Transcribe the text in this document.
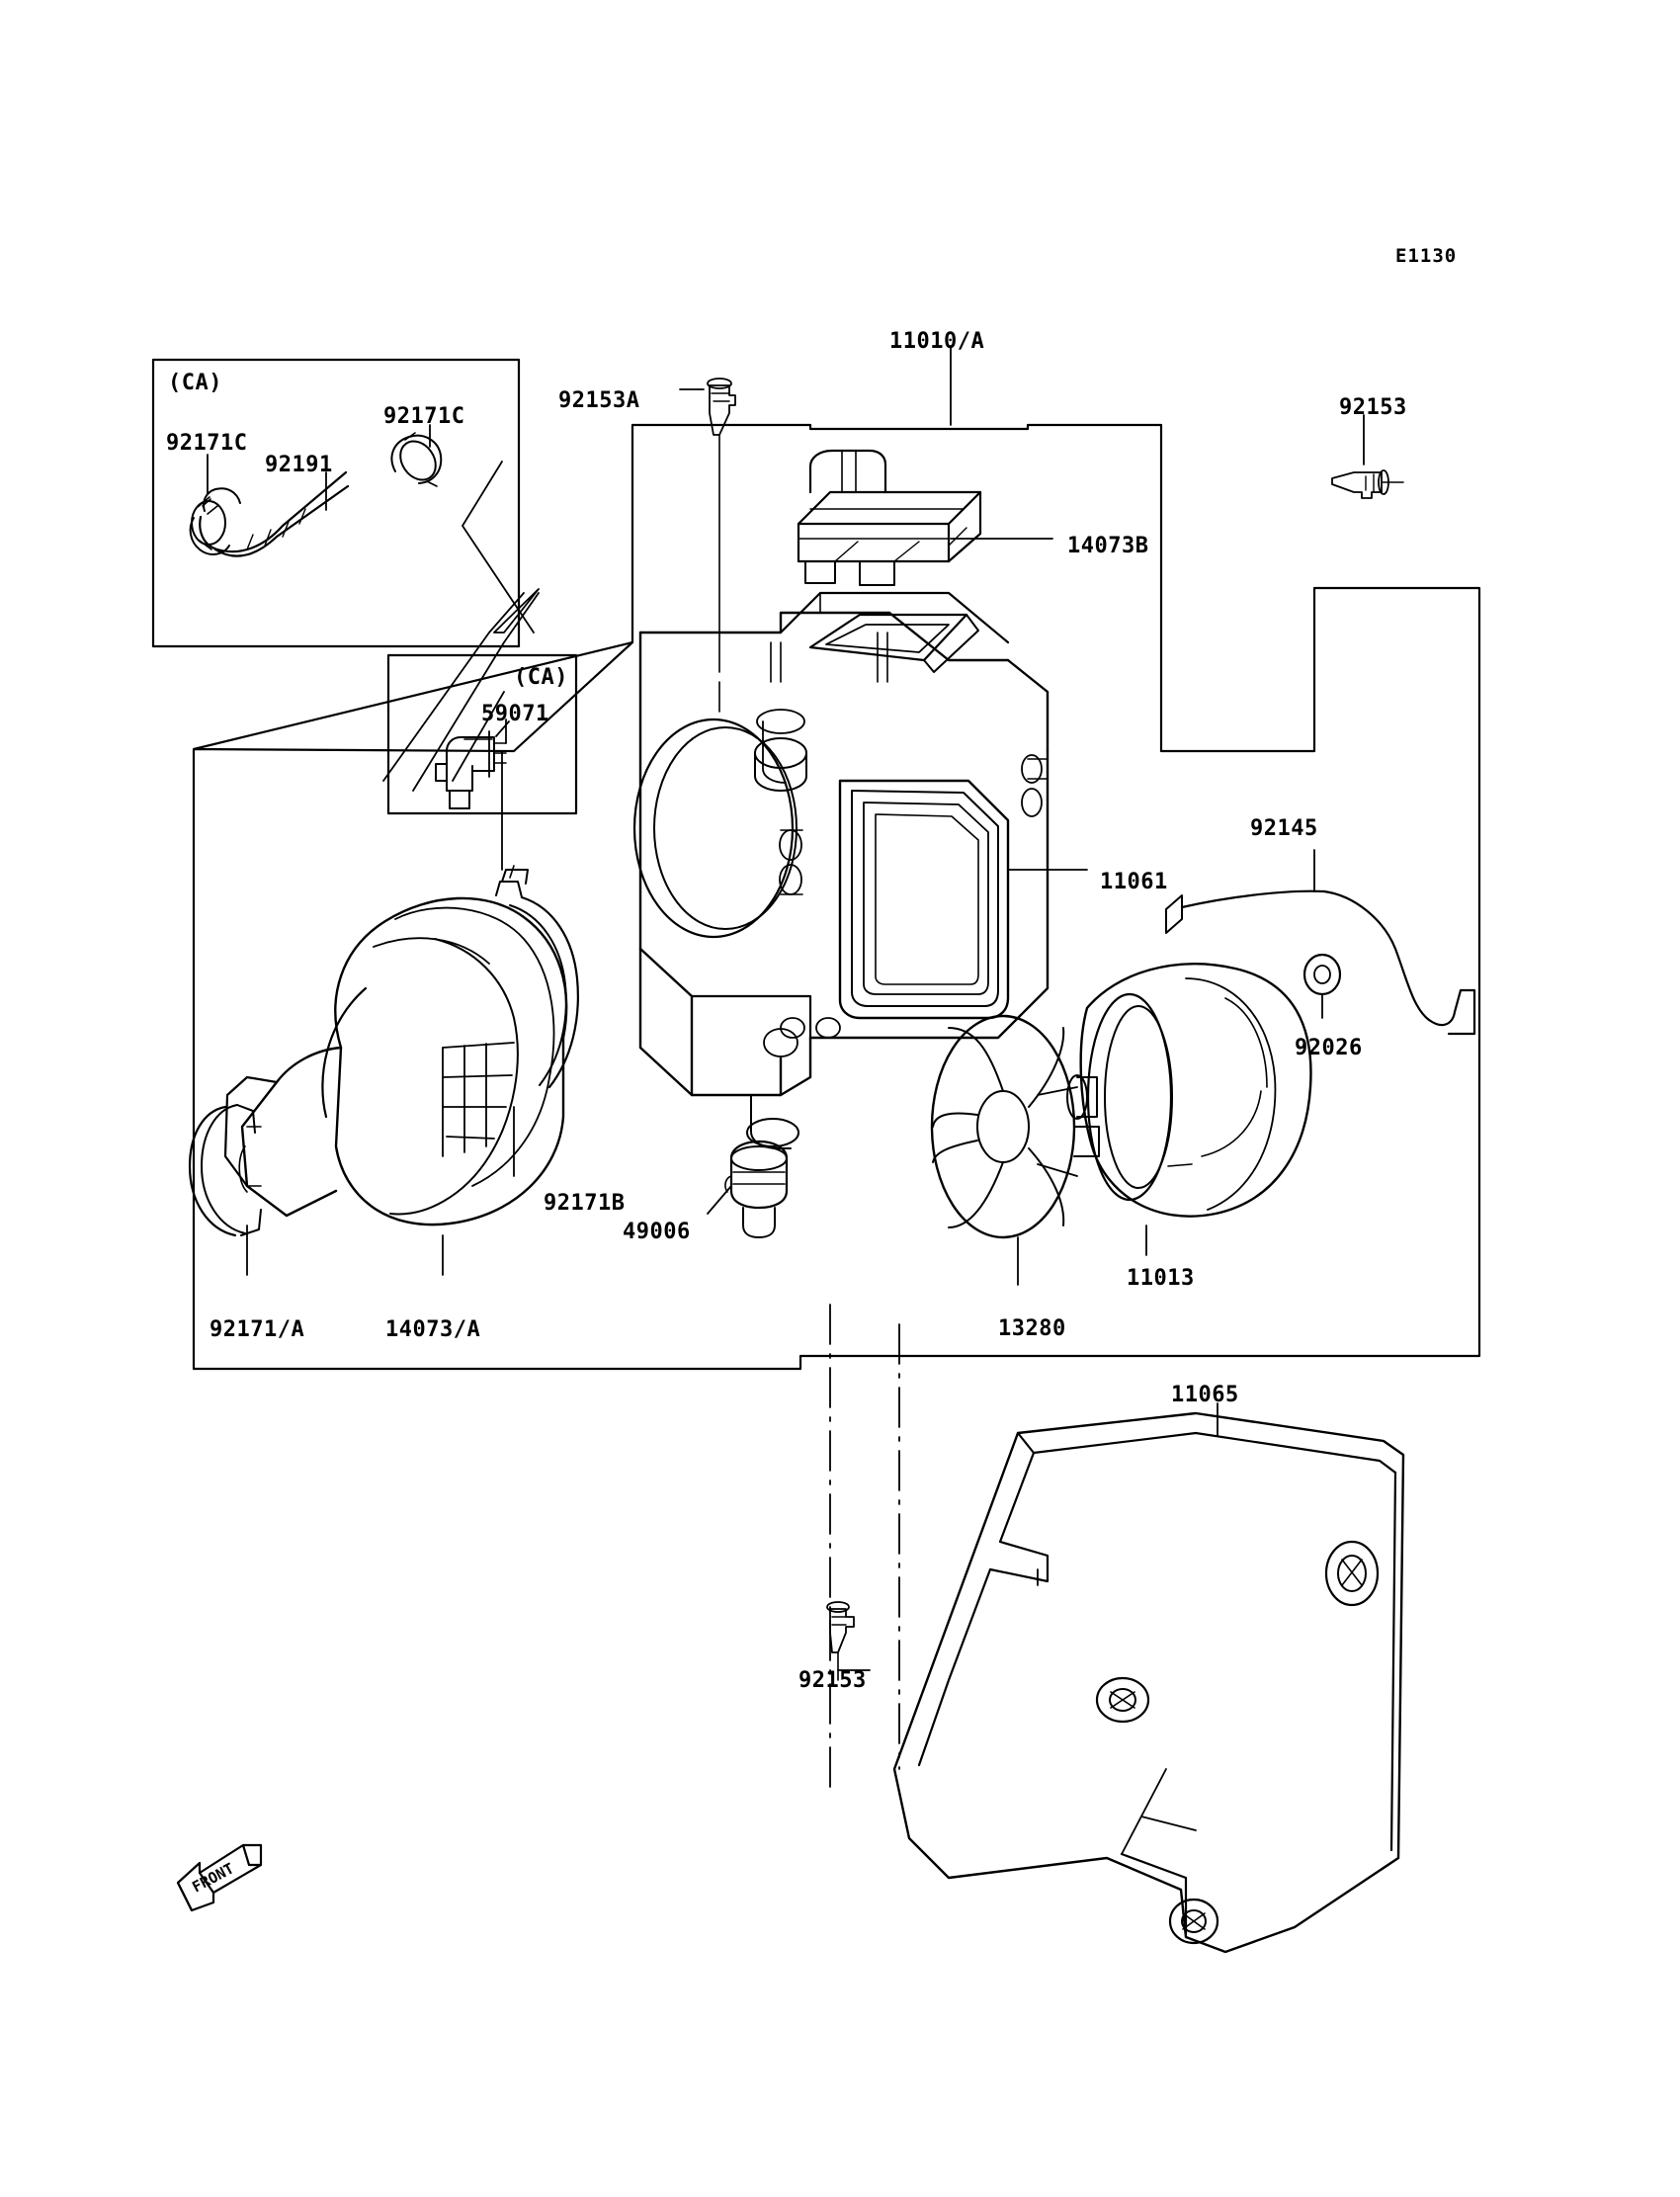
FRONT
E1130
11010/A
92153A	92153
(CA)
92171C
92171C
92191
14073B
(CA)
59071
92145
11061
92026
92171B
49006
11013
13280
92171/A	14073/A
11065
92153
